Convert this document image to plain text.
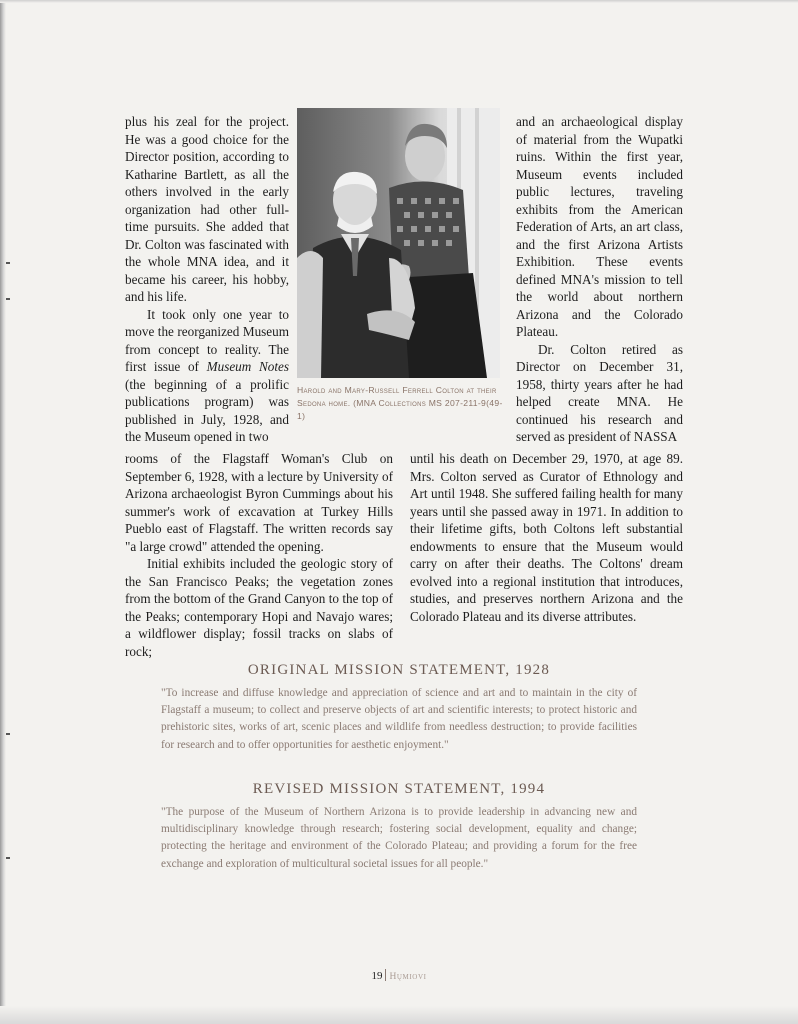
plus his zeal for the project. He was a good choice for the Director position, according to Katharine Bartlett, as all the others involved in the early organization had other full-time pursuits. She added that Dr. Colton was fascinated with the whole MNA idea, and it became his career, his hobby, and his life.

It took only one year to move the reorganized Museum from concept to reality. The first issue of Museum Notes (the beginning of a prolific publications program) was published in July, 1928, and the Museum opened in two

Harold and Mary-Russell Ferrell Colton at their Sedona home. (MNA Collections MS 207-211-9(49-1)

and an archaeological display of material from the Wupatki ruins. Within the first year, Museum events included public lectures, traveling exhibits from the American Federation of Arts, an art class, and the first Arizona Artists Exhibition. These events defined MNA's mission to tell the world about northern Arizona and the Colorado Plateau.

Dr. Colton retired as Director on December 31, 1958, thirty years after he had helped create MNA. He continued his research and served as president of NASSA

rooms of the Flagstaff Woman's Club on September 6, 1928, with a lecture by University of Arizona archaeologist Byron Cummings about his summer's work of excavation at Turkey Hills Pueblo east of Flagstaff. The written records say "a large crowd" attended the opening.

Initial exhibits included the geologic story of the San Francisco Peaks; the vegetation zones from the bottom of the Grand Canyon to the top of the Peaks; contemporary Hopi and Navajo wares; a wildflower display; fossil tracks on slabs of rock;

until his death on December 29, 1970, at age 89. Mrs. Colton served as Curator of Ethnology and Art until 1948. She suffered failing health for many years until she passed away in 1971. In addition to their lifetime gifts, both Coltons left substantial endowments to ensure that the Museum would carry on after their deaths. The Coltons' dream evolved into a regional institution that introduces, studies, and preserves northern Arizona and the Colorado Plateau and its diverse attributes.

ORIGINAL MISSION STATEMENT, 1928

"To increase and diffuse knowledge and appreciation of science and art and to maintain in the city of Flagstaff a museum; to collect and preserve objects of art and scientific interests; to protect historic and prehistoric sites, works of art, scenic places and wildlife from needless destruction; to provide facilities for research and to offer opportunities for aesthetic enjoyment."

REVISED MISSION STATEMENT, 1994

"The purpose of the Museum of Northern Arizona is to provide leadership in advancing new and multidisciplinary knowledge through research; fostering social development, equality and change; protecting the heritage and environment of the Colorado Plateau; and providing a forum for the free exchange and exploration of multicultural societal issues for all people."

19 Hųmiovi
